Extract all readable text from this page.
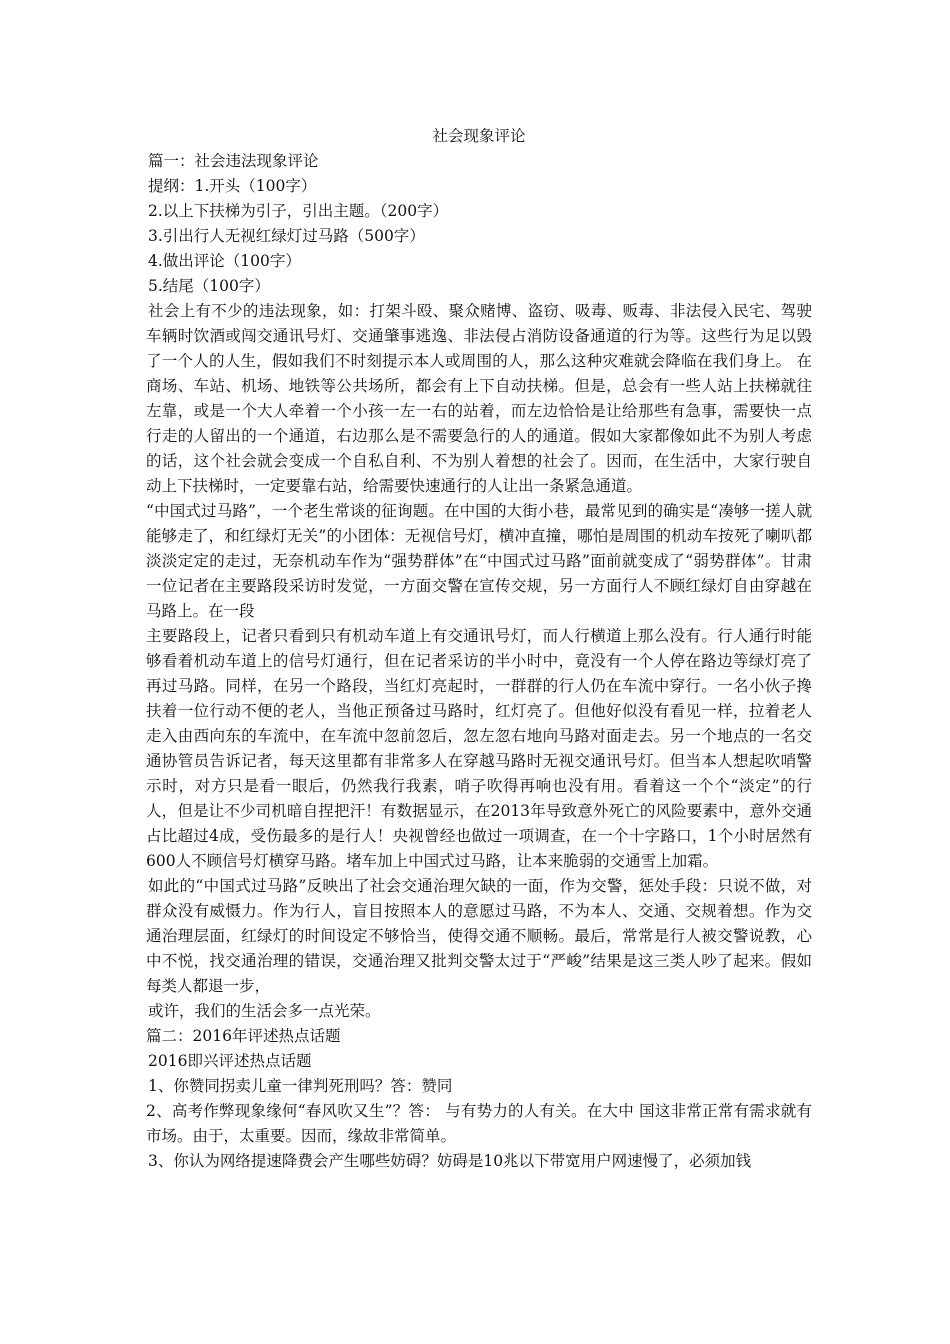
社会现象评论

篇一：社会违法现象评论

提纲：1.开头（100字）

2.以上下扶梯为引子，引出主题。（200字）

3.引出行人无视红绿灯过马路（500字）

4.做出评论（100字）

5.结尾（100字）

社会上有不少的违法现象，如：打架斗殴、聚众赌博、盗窃、吸毒、贩毒、非法侵入民宅、驾驶车辆时饮酒或闯交通讯号灯、交通肇事逃逸、非法侵占消防设备通道的行为等。这些行为足以毁了一个人的人生，假如我们不时刻提示本人或周围的人，那么这种灾难就会降临在我们身上。 在商场、车站、机场、地铁等公共场所，都会有上下自动扶梯。但是，总会有一些人站上扶梯就往左靠，或是一个大人牵着一个小孩一左一右的站着，而左边恰恰是让给那些有急事，需要快一点行走的人留出的一个通道，右边那么是不需要急行的人的通道。假如大家都像如此不为别人考虑的话，这个社会就会变成一个自私自利、不为别人着想的社会了。因而，在生活中，大家行驶自动上下扶梯时，一定要靠右站，给需要快速通行的人让出一条紧急通道。

“中国式过马路”，一个老生常谈的征询题。在中国的大街小巷，最常见到的确实是“凑够一搓人就能够走了，和红绿灯无关”的小团体：无视信号灯，横冲直撞，哪怕是周围的机动车按死了喇叭都淡淡定定的走过，无奈机动车作为“强势群体”在“中国式过马路”面前就变成了“弱势群体”。甘肃一位记者在主要路段采访时发觉，一方面交警在宣传交规，另一方面行人不顾红绿灯自由穿越在马路上。在一段

主要路段上，记者只看到只有机动车道上有交通讯号灯，而人行横道上那么没有。行人通行时能够看着机动车道上的信号灯通行，但在记者采访的半小时中，竟没有一个人停在路边等绿灯亮了再过马路。同样，在另一个路段，当红灯亮起时，一群群的行人仍在车流中穿行。一名小伙子搀扶着一位行动不便的老人，当他正预备过马路时，红灯亮了。但他好似没有看见一样，拉着老人走入由西向东的车流中，在车流中忽前忽后，忽左忽右地向马路对面走去。另一个地点的一名交通协管员告诉记者，每天这里都有非常多人在穿越马路时无视交通讯号灯。但当本人想起吹哨警示时，对方只是看一眼后，仍然我行我素，哨子吹得再响也没有用。看着这一个个“淡定”的行人，但是让不少司机暗自捏把汗！有数据显示，在2013年导致意外死亡的风险要素中，意外交通占比超过4成，受伤最多的是行人！央视曾经也做过一项调查，在一个十字路口，1个小时居然有600人不顾信号灯横穿马路。堵车加上中国式过马路，让本来脆弱的交通雪上加霜。

如此的“中国式过马路”反映出了社会交通治理欠缺的一面，作为交警，惩处手段：只说不做，对群众没有威慑力。作为行人，盲目按照本人的意愿过马路，不为本人、交通、交规着想。作为交通治理层面，红绿灯的时间设定不够恰当，使得交通不顺畅。最后，常常是行人被交警说教，心中不悦，找交通治理的错误，交通治理又批判交警太过于“严峻”结果是这三类人吵了起来。假如每类人都退一步，

或许，我们的生活会多一点光荣。

篇二：2016年评述热点话题

2016即兴评述热点话题

1、你赞同拐卖儿童一律判死刑吗？答：赞同

2、高考作弊现象缘何“春风吹又生”？答： 与有势力的人有关。在大中 国这非常正常有需求就有市场。由于，太重要。因而，缘故非常简单。

3、你认为网络提速降费会产生哪些妨碍？妨碍是10兆以下带宽用户网速慢了，必须加钱
